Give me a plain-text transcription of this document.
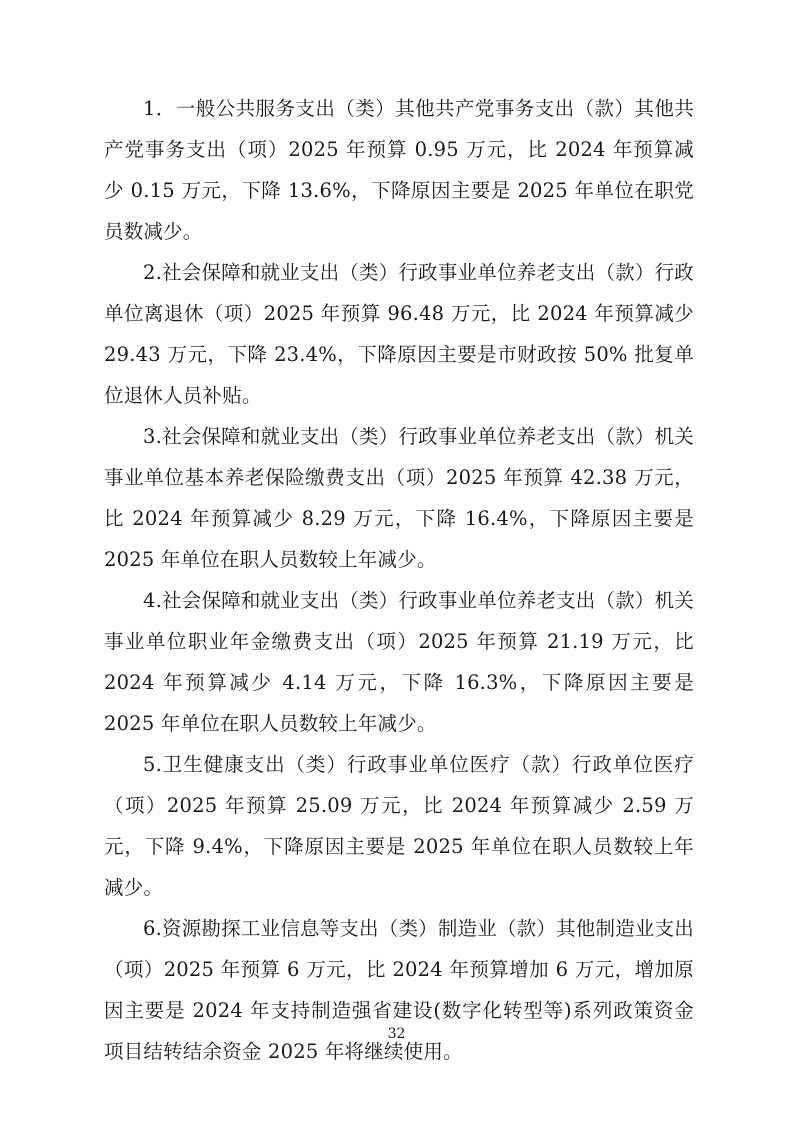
1．一般公共服务支出（类）其他共产党事务支出（款）其他共产党事务支出（项）2025 年预算 0.95 万元，比 2024 年预算减少 0.15 万元，下降 13.6%，下降原因主要是 2025 年单位在职党员数减少。

2.社会保障和就业支出（类）行政事业单位养老支出（款）行政单位离退休（项）2025 年预算 96.48 万元，比 2024 年预算减少 29.43 万元，下降 23.4%，下降原因主要是市财政按 50% 批复单位退休人员补贴。

3.社会保障和就业支出（类）行政事业单位养老支出（款）机关事业单位基本养老保险缴费支出（项）2025 年预算 42.38 万元，比 2024 年预算减少 8.29 万元，下降 16.4%，下降原因主要是 2025 年单位在职人员数较上年减少。

4.社会保障和就业支出（类）行政事业单位养老支出（款）机关事业单位职业年金缴费支出（项）2025 年预算 21.19 万元，比 2024 年预算减少 4.14 万元，下降 16.3%，下降原因主要是 2025 年单位在职人员数较上年减少。

5.卫生健康支出（类）行政事业单位医疗（款）行政单位医疗（项）2025 年预算 25.09 万元，比 2024 年预算减少 2.59 万元，下降 9.4%，下降原因主要是 2025 年单位在职人员数较上年减少。

6.资源勘探工业信息等支出（类）制造业（款）其他制造业支出（项）2025 年预算 6 万元，比 2024 年预算增加 6 万元，增加原因主要是 2024 年支持制造强省建设(数字化转型等)系列政策资金项目结转结余资金 2025 年将继续使用。

32
